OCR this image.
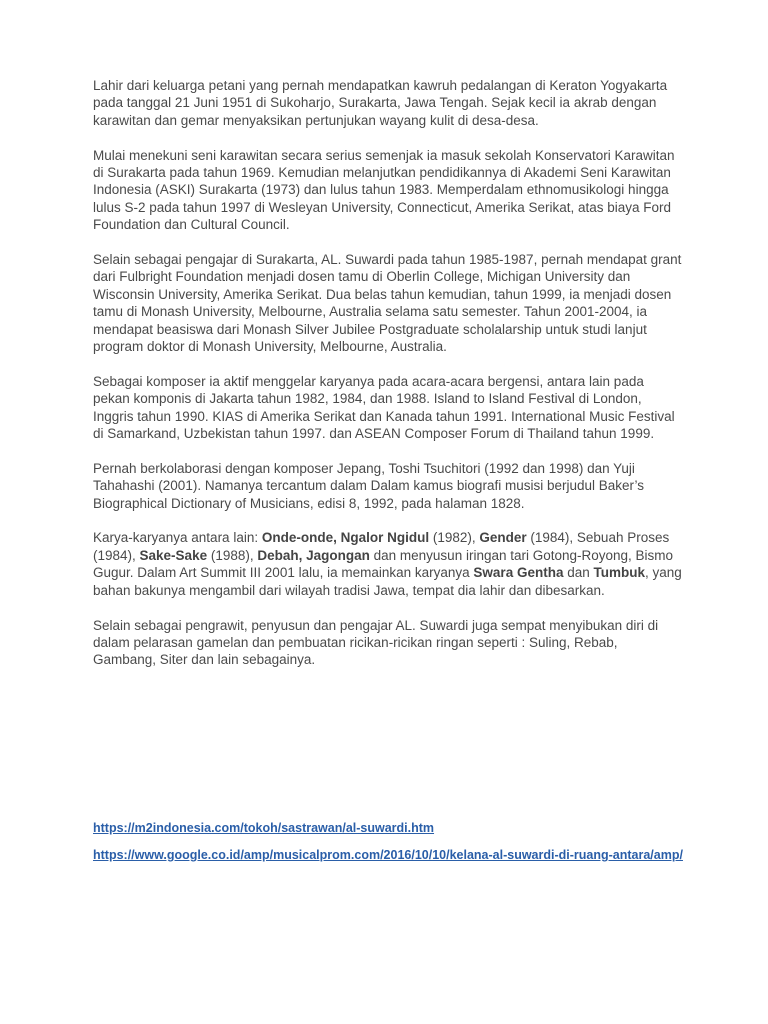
Lahir dari keluarga petani yang pernah mendapatkan kawruh pedalangan di Keraton Yogyakarta pada tanggal 21 Juni 1951 di Sukoharjo, Surakarta, Jawa Tengah. Sejak kecil ia akrab dengan karawitan dan gemar menyaksikan pertunjukan wayang kulit di desa-desa.

Mulai menekuni seni karawitan secara serius semenjak ia masuk sekolah Konservatori Karawitan di Surakarta pada tahun 1969. Kemudian melanjutkan pendidikannya di Akademi Seni Karawitan Indonesia (ASKI) Surakarta (1973) dan lulus tahun 1983. Memperdalam ethnomusikologi hingga lulus S-2 pada tahun 1997 di Wesleyan University, Connecticut, Amerika Serikat, atas biaya Ford Foundation dan Cultural Council.

Selain sebagai pengajar di Surakarta, AL. Suwardi pada tahun 1985-1987, pernah mendapat grant dari Fulbright Foundation menjadi dosen tamu di Oberlin College, Michigan University dan Wisconsin University, Amerika Serikat. Dua belas tahun kemudian, tahun 1999, ia menjadi dosen tamu di Monash University, Melbourne, Australia selama satu semester. Tahun 2001-2004, ia mendapat beasiswa dari Monash Silver Jubilee Postgraduate scholalarship untuk studi lanjut program doktor di Monash University, Melbourne, Australia.

Sebagai komposer ia aktif menggelar karyanya pada acara-acara bergensi, antara lain pada pekan komponis di Jakarta tahun 1982, 1984, dan 1988. Island to Island Festival di London, Inggris tahun 1990. KIAS di Amerika Serikat dan Kanada tahun 1991. International Music Festival di Samarkand, Uzbekistan tahun 1997. dan ASEAN Composer Forum di Thailand tahun 1999.

Pernah berkolaborasi dengan komposer Jepang, Toshi Tsuchitori (1992 dan 1998) dan Yuji Tahahashi (2001). Namanya tercantum dalam Dalam kamus biografi musisi berjudul Baker’s Biographical Dictionary of Musicians, edisi 8, 1992, pada halaman 1828.

Karya-karyanya antara lain: Onde-onde, Ngalor Ngidul (1982), Gender (1984), Sebuah Proses (1984), Sake-Sake (1988), Debah, Jagongan dan menyusun iringan tari Gotong-Royong, Bismo Gugur. Dalam Art Summit III 2001 lalu, ia memainkan karyanya Swara Gentha dan Tumbuk, yang bahan bakunya mengambil dari wilayah tradisi Jawa, tempat dia lahir dan dibesarkan.

Selain sebagai pengrawit, penyusun dan pengajar AL. Suwardi juga sempat menyibukan diri di dalam pelarasan gamelan dan pembuatan ricikan-ricikan ringan seperti : Suling, Rebab, Gambang, Siter dan lain sebagainya.

https://m2indonesia.com/tokoh/sastrawan/al-suwardi.htm
https://www.google.co.id/amp/musicalprom.com/2016/10/10/kelana-al-suwardi-di-ruang-antara/amp/
